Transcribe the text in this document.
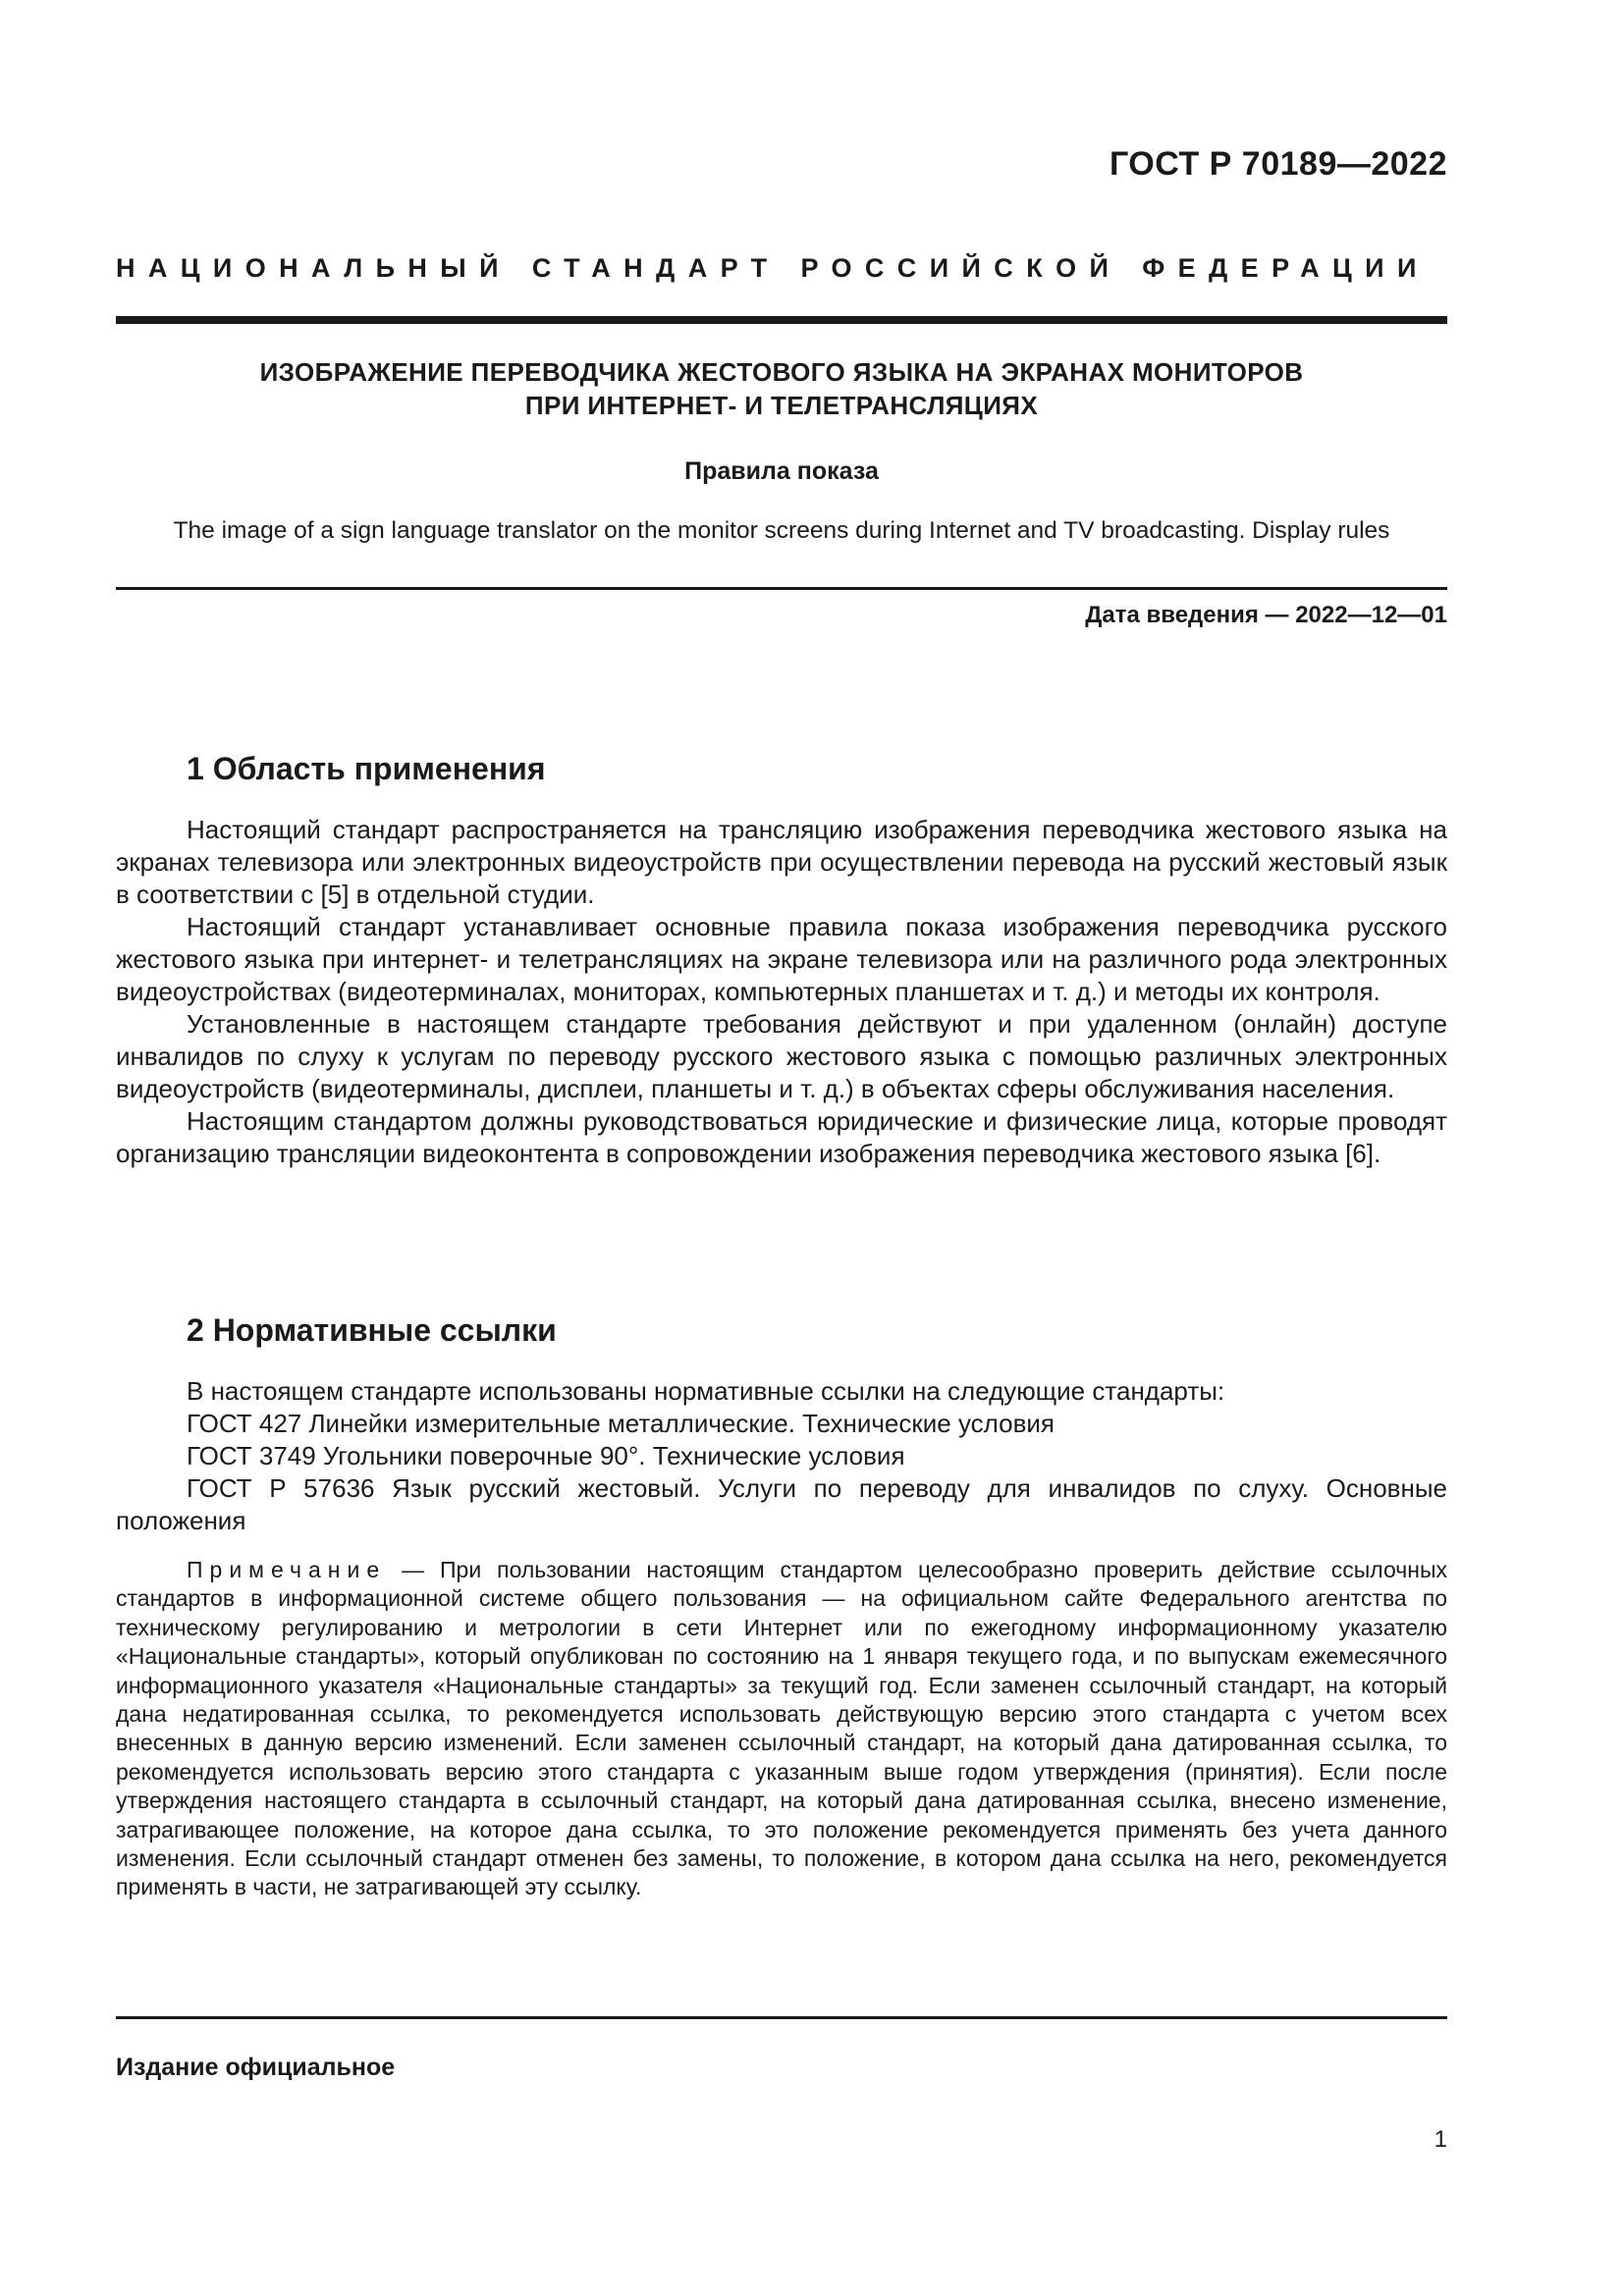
ГОСТ Р 70189—2022
НАЦИОНАЛЬНЫЙ СТАНДАРТ РОССИЙСКОЙ ФЕДЕРАЦИИ
ИЗОБРАЖЕНИЕ ПЕРЕВОДЧИКА ЖЕСТОВОГО ЯЗЫКА НА ЭКРАНАХ МОНИТОРОВ
ПРИ ИНТЕРНЕТ- И ТЕЛЕТРАНСЛЯЦИЯХ
Правила показа
The image of a sign language translator on the monitor screens during Internet and TV broadcasting. Display rules
Дата введения — 2022—12—01
1 Область применения

Настоящий стандарт распространяется на трансляцию изображения переводчика жестового языка на экранах телевизора или электронных видеоустройств при осуществлении перевода на русский жестовый язык в соответствии с [5] в отдельной студии.

Настоящий стандарт устанавливает основные правила показа изображения переводчика русского жестового языка при интернет- и телетрансляциях на экране телевизора или на различного рода электронных видеоустройствах (видеотерминалах, мониторах, компьютерных планшетах и т. д.) и методы их контроля.

Установленные в настоящем стандарте требования действуют и при удаленном (онлайн) доступе инвалидов по слуху к услугам по переводу русского жестового языка с помощью различных электронных видеоустройств (видеотерминалы, дисплеи, планшеты и т. д.) в объектах сферы обслуживания населения.

Настоящим стандартом должны руководствоваться юридические и физические лица, которые проводят организацию трансляции видеоконтента в сопровождении изображения переводчика жестового языка [6].

2 Нормативные ссылки

В настоящем стандарте использованы нормативные ссылки на следующие стандарты:

ГОСТ 427 Линейки измерительные металлические. Технические условия

ГОСТ 3749 Угольники поверочные 90°. Технические условия

ГОСТ Р 57636 Язык русский жестовый. Услуги по переводу для инвалидов по слуху. Основные положения

Примечание — При пользовании настоящим стандартом целесообразно проверить действие ссылочных стандартов в информационной системе общего пользования — на официальном сайте Федерального агентства по техническому регулированию и метрологии в сети Интернет или по ежегодному информационному указателю «Национальные стандарты», который опубликован по состоянию на 1 января текущего года, и по выпускам ежемесячного информационного указателя «Национальные стандарты» за текущий год. Если заменен ссылочный стандарт, на который дана недатированная ссылка, то рекомендуется использовать действующую версию этого стандарта с учетом всех внесенных в данную версию изменений. Если заменен ссылочный стандарт, на который дана датированная ссылка, то рекомендуется использовать версию этого стандарта с указанным выше годом утверждения (принятия). Если после утверждения настоящего стандарта в ссылочный стандарт, на который дана датированная ссылка, внесено изменение, затрагивающее положение, на которое дана ссылка, то это положение рекомендуется применять без учета данного изменения. Если ссылочный стандарт отменен без замены, то положение, в котором дана ссылка на него, рекомендуется применять в части, не затрагивающей эту ссылку.

Издание официальное
1
